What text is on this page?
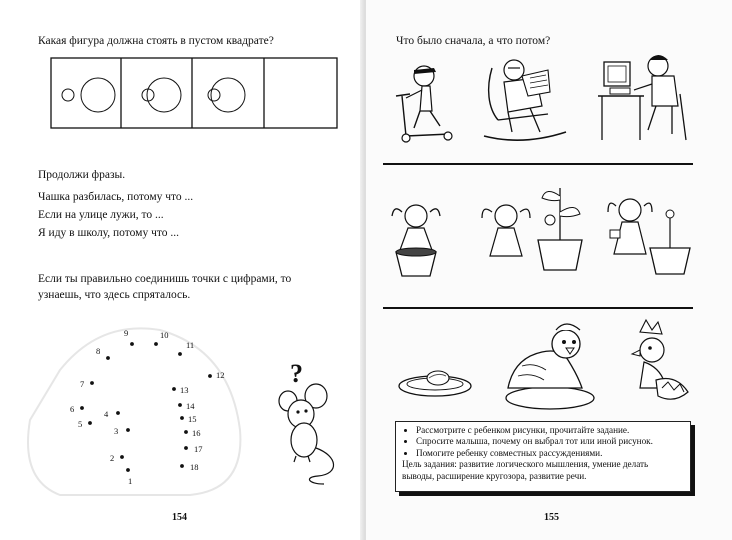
Какая фигура должна стоять в пустом квадрате?
Продолжи фразы.
Чашка разбилась, потому что ...
Если на улице лужи, то ...
Я иду в школу, потому что ...
Если ты правильно соединишь точки с цифрами, то
узнаешь, что здесь спряталось.
1
2
3
4
5
6
7
8
9	10
11
12
13
14
15
16
17
18
?
154
Что было сначала, а что потом?
155
• Рассмотрите с ребенком рисунки, прочитайте задание.
• Спросите малыша, почему он выбрал тот или иной рисунок.
• Помогите ребенку совместных рассуждениями.
Цель задания: развитие логического мышления, умение делать
выводы, расширение кругозора, развитие речи.
